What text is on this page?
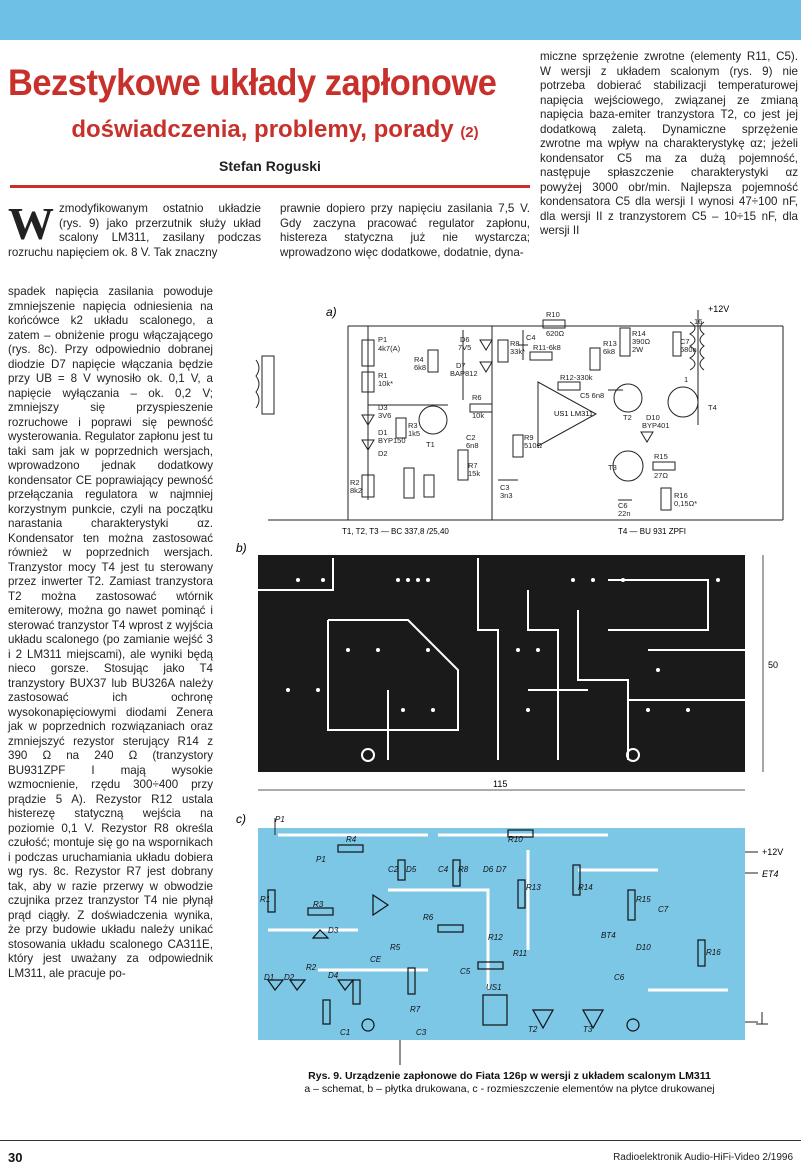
Bezstykowe układy zapłonowe
doświadczenia, problemy, porady (2)
Stefan Roguski

Wzmodyfikowanym ostatnio układzie (rys. 9) jako przerzutnik służy układ scalony LM311, zasilany podczas rozruchu napięciem ok. 8 V. Tak znaczny

spadek napięcia zasilania powoduje zmniejszenie napięcia odniesienia na końcówce k2 układu scalonego, a zatem – obniżenie progu włączającego (rys. 8c). Przy odpowiednio dobranej diodzie D7 napięcie włączania będzie przy UB = 8 V wynosiło ok. 0,1 V, a napięcie wyłączania – ok. 0,2 V; zmniejszy się przyspieszenie rozruchowe i poprawi się pewność wysterowania. Regulator zapłonu jest tu taki sam jak w poprzednich wersjach, wprowadzono jednak dodatkowy kondensator CE poprawiający pewność przełączania regulatora w najmniej korzystnym punkcie, czyli na początku narastania charakterystyki αz. Kondensator ten można zastosować również w poprzednich wersjach. Tranzystor mocy T4 jest tu sterowany przez inwerter T2. Zamiast tranzystora T2 można zastosować wtórnik emiterowy, można go nawet pominąć i sterować tranzystor T4 wprost z wyjścia układu scalonego (po zamianie wejść 3 i 2 LM311 miejscami), ale wyniki będą nieco gorsze. Stosując jako T4 tranzystory BUX37 lub BU326A należy zastosować ich ochronę wysokonapięciowymi diodami Zenera jak w poprzednich rozwiązaniach oraz zmniejszyć rezystor sterujący R14 z 390 Ω na 240 Ω (tranzystory BU931ZPF I mają wysokie wzmocnienie, rzędu 300÷400 przy prądzie 5 A). Rezystor R12 ustala histerezę statyczną wejścia na poziomie 0,1 V. Rezystor R8 określa czułość; montuje się go na wspornikach i podczas uruchamiania układu dobiera wg rys. 8c. Rezystor R7 jest dobrany tak, aby w razie przerwy w obwodzie czujnika przez tranzystor T4 nie płynął prąd ciągły. Z doświadczenia wynika, że przy budowie układu należy unikać stosowania układu scalonego CA311E, który jest uważany za odpowiednik LM311, ale pracuje po-

prawnie dopiero przy napięciu zasilania 7,5 V. Gdy zaczyna pracować regulator zapłonu, histereza statyczna już nie wystarcza; wprowadzono więc dodatkowe, dodatnie, dyna-

miczne sprzężenie zwrotne (elementy R11, C5). W wersji z układem scalonym (rys. 9) nie potrzeba dobierać stabilizacji temperaturowej napięcia wejściowego, związanej ze zmianą napięcia baza-emiter tranzystora T2, co jest jej dodatkową zaletą. Dynamiczne sprzężenie zwrotne ma wpływ na charakterystykę αz; jeżeli kondensator C5 ma za dużą pojemność, następuje spłaszczenie charakterystyki αz powyżej 3000 obr/min. Najlepsza pojemność kondensatora C5 dla wersji I wynosi 47÷100 nF, dla wersji II z tranzystorem C5 – 10÷15 nF, dla wersji II

a)
P1
4k7(A)
R1
10k*
D3
3V6
D1
BYP150
D2
R2
8k2
R3
1k5
T1
R4
6k8
D6
7V5
D7
BAP812
R8
33k*
C4
R10
620Ω
R11-6k8
R12-330k
C5 6n8
R6
10k
C2
6n8
R7
15k
R9
510Ω
C3
3n3
R13
6k8
R14
390Ω
2W
C7
680n
D10
BYP401
T3
R15
27Ω
C6
22n
R16
0,15Ω*
T4
T2
16
1
US1 LM311
+12V
T1, T2, T3 — BC 337,8 /25,40	T4 — BU 931 ZPFI
b)
115
50
c)	P1
R4	R10
R1
R3
D3
P1
C2 D5	C4 R8 D6 D7
R13	R14
R15
C7
R16
R6
R12
R11
BT4
D10
R5
R2
D1 D2	D4
CE
C5
R7
C3
C1
US1
T2	T3
C6
+12V
ET4
Rys. 9. Urządzenie zapłonowe do Fiata 126p w wersji z układem scalonym LM311
a – schemat, b – płytka drukowana, c - rozmieszczenie elementów na płytce drukowanej
30	Radioelektronik Audio-HiFi-Video 2/1996
